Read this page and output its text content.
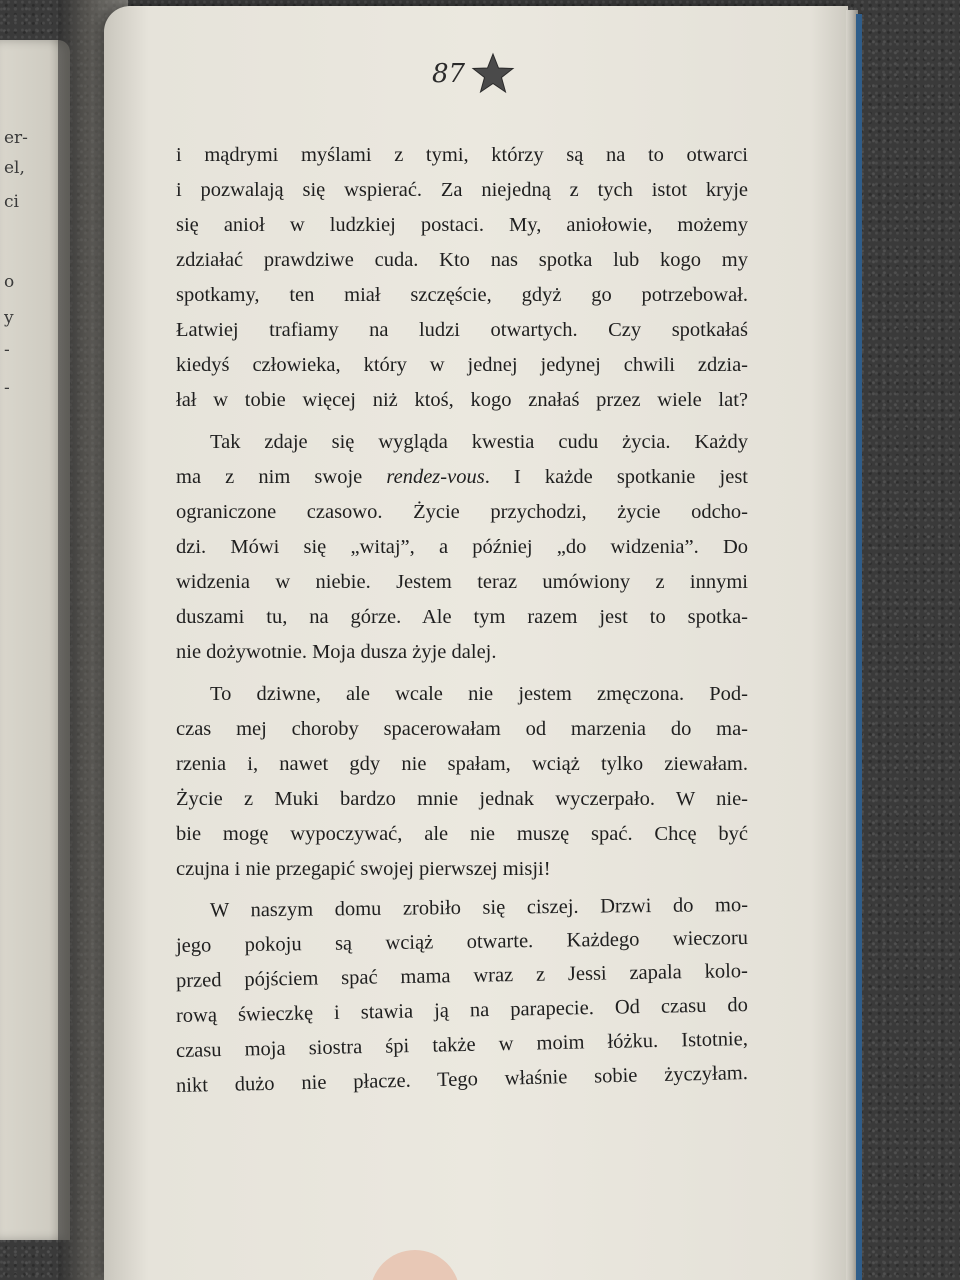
er-
el,
ci
o
y
-
-
87
i mądrymi myślami z tymi, którzy są na to otwarci
i pozwalają się wspierać. Za niejedną z tych istot kryje
się anioł w ludzkiej postaci. My, aniołowie, możemy
zdziałać prawdziwe cuda. Kto nas spotka lub kogo my
spotkamy, ten miał szczęście, gdyż go potrzebował.
Łatwiej trafiamy na ludzi otwartych. Czy spotkałaś
kiedyś człowieka, który w jednej jedynej chwili zdzia-
łał w tobie więcej niż ktoś, kogo znałaś przez wiele lat?
Tak zdaje się wygląda kwestia cudu życia. Każdy
ma z nim swoje rendez-vous. I każde spotkanie jest
ograniczone czasowo. Życie przychodzi, życie odcho-
dzi. Mówi się „witaj”, a później „do widzenia”. Do
widzenia w niebie. Jestem teraz umówiony z innymi
duszami tu, na górze. Ale tym razem jest to spotka-
nie dożywotnie. Moja dusza żyje dalej.
To dziwne, ale wcale nie jestem zmęczona. Pod-
czas mej choroby spacerowałam od marzenia do ma-
rzenia i, nawet gdy nie spałam, wciąż tylko ziewałam.
Życie z Muki bardzo mnie jednak wyczerpało. W nie-
bie mogę wypoczywać, ale nie muszę spać. Chcę być
czujna i nie przegapić swojej pierwszej misji!
W naszym domu zrobiło się ciszej. Drzwi do mo-
jego pokoju są wciąż otwarte. Każdego wieczoru
przed pójściem spać mama wraz z Jessi zapala kolo-
rową świeczkę i stawia ją na parapecie. Od czasu do
czasu moja siostra śpi także w moim łóżku. Istotnie,
nikt dużo nie płacze. Tego właśnie sobie życzyłam.
